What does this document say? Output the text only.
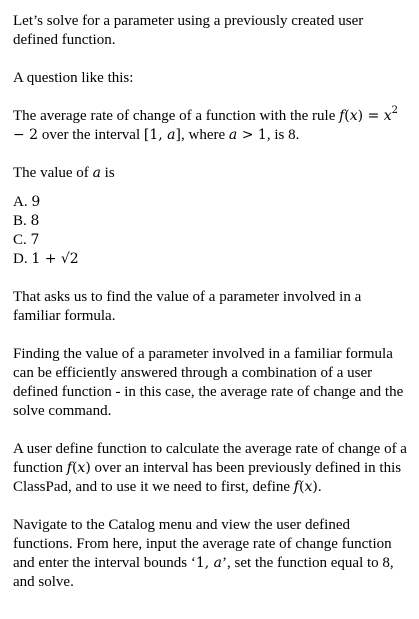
Let’s solve for a parameter using a previously created user defined function.

A question like this:

The average rate of change of a function with the rule $f(x) = x^2 - 2$ over the interval [1, a], where a > 1, is 8.

The value of a is

A. 9
B. 8
C. 7
D. 1 + √2

That asks us to find the value of a parameter involved in a familiar formula.

Finding the value of a parameter involved in a familiar formula can be efficiently answered through a combination of a user defined function - in this case, the average rate of change and the solve command.

A user define function to calculate the average rate of change of a function f(x) over an interval has been previously defined in this ClassPad, and to use it we need to first, define f(x).

Navigate to the Catalog menu and view the user defined functions. From here, input the average rate of change function and enter the interval bounds ‘1, a’, set the function equal to 8, and solve.
